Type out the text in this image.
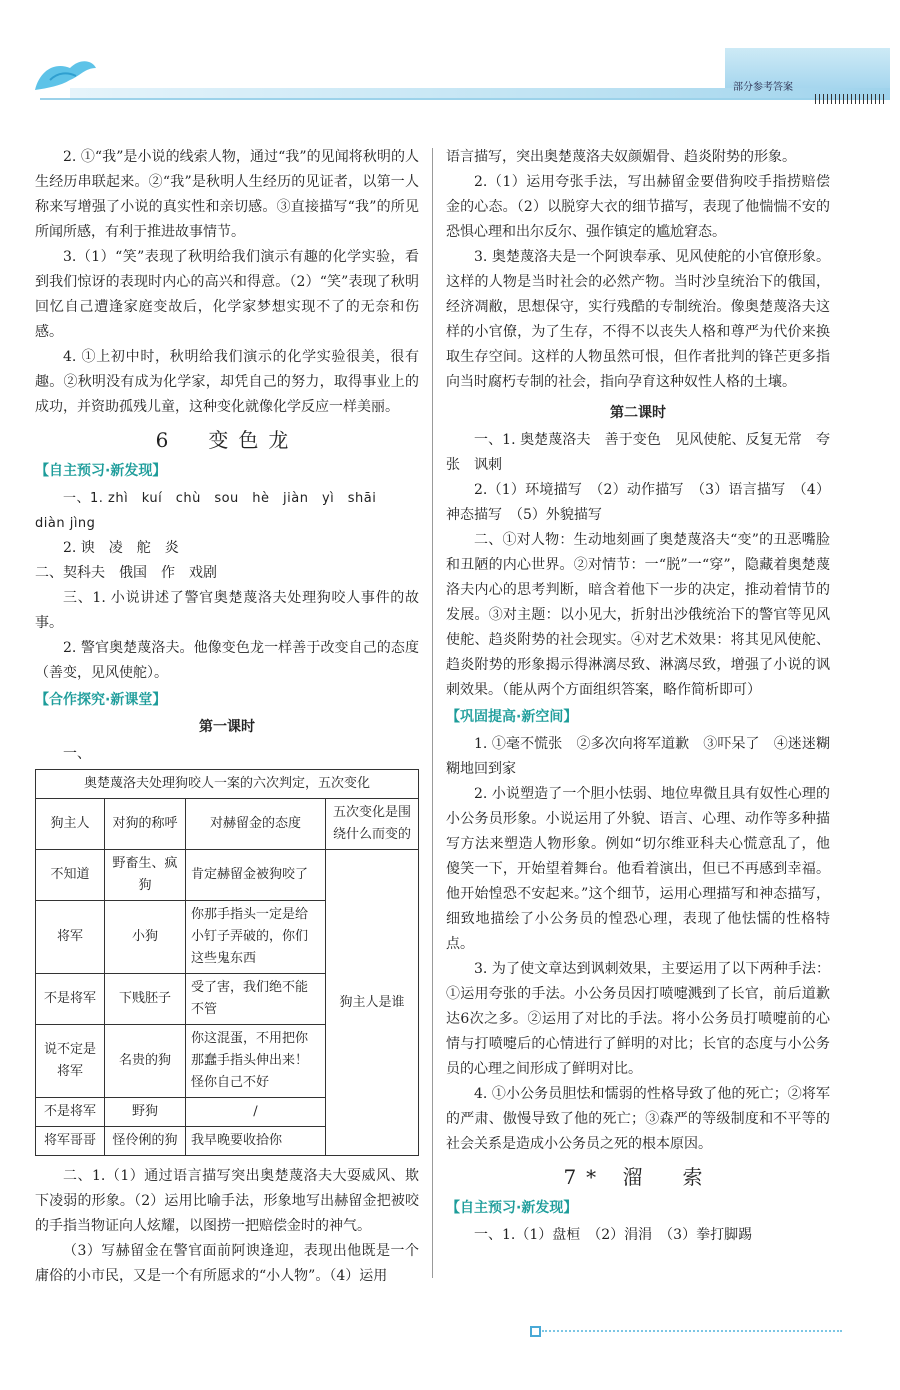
部分参考答案

2. ①“我”是小说的线索人物，通过“我”的见闻将秋明的人生经历串联起来。②“我”是秋明人生经历的见证者，以第一人称来写增强了小说的真实性和亲切感。③直接描写“我”的所见所闻所感，有利于推进故事情节。

3.（1）“笑”表现了秋明给我们演示有趣的化学实验，看到我们惊讶的表现时内心的高兴和得意。（2）“笑”表现了秋明回忆自己遭逢家庭变故后，化学家梦想实现不了的无奈和伤感。

4. ①上初中时，秋明给我们演示的化学实验很美，很有趣。②秋明没有成为化学家，却凭自己的努力，取得事业上的成功，并资助孤残儿童，这种变化就像化学反应一样美丽。

6　变色龙
【自主预习·新发现】

一、1. zhì　kuí　chù　sou　hè　jiàn　yì　shāi　diàn jìng

2. 谀　凌　舵　炎

二、契科夫　俄国　作　戏剧

三、1. 小说讲述了警官奥楚蔑洛夫处理狗咬人事件的故事。

2. 警官奥楚蔑洛夫。他像变色龙一样善于改变自己的态度（善变，见风使舵）。

【合作探究·新课堂】
第一课时

一、

奥楚蔑洛夫处理狗咬人一案的六次判定，五次变化			
狗主人	对狗的称呼	对赫留金的态度	五次变化是围绕什么而变的
不知道	野畜生、疯狗	肯定赫留金被狗咬了	狗主人是谁
将军	小狗	你那手指头一定是给小钉子弄破的，你们这些鬼东西	
不是将军	下贱胚子	受了害，我们绝不能不管	
说不定是将军	名贵的狗	你这混蛋，不用把你那蠢手指头伸出来！怪你自己不好	
不是将军	野狗	/	
将军哥哥	怪伶俐的狗	我早晚要收拾你	

二、1.（1）通过语言描写突出奥楚蔑洛夫大耍威风、欺下凌弱的形象。（2）运用比喻手法，形象地写出赫留金把被咬的手指当物证向人炫耀，以图捞一把赔偿金时的神气。

（3）写赫留金在警官面前阿谀逢迎，表现出他既是一个庸俗的小市民，又是一个有所愿求的“小人物”。（4）运用

语言描写，突出奥楚蔑洛夫奴颜媚骨、趋炎附势的形象。

2.（1）运用夸张手法，写出赫留金要借狗咬手指捞赔偿金的心态。（2）以脱穿大衣的细节描写，表现了他惴惴不安的恐惧心理和出尔反尔、强作镇定的尴尬窘态。

3. 奥楚蔑洛夫是一个阿谀奉承、见风使舵的小官僚形象。这样的人物是当时社会的必然产物。当时沙皇统治下的俄国，经济凋敝，思想保守，实行残酷的专制统治。像奥楚蔑洛夫这样的小官僚，为了生存，不得不以丧失人格和尊严为代价来换取生存空间。这样的人物虽然可恨，但作者批判的锋芒更多指向当时腐朽专制的社会，指向孕育这种奴性人格的土壤。

第二课时

一、1. 奥楚蔑洛夫　善于变色　见风使舵、反复无常　夸张　讽刺

2.（1）环境描写　（2）动作描写　（3）语言描写　（4）神态描写　（5）外貌描写

二、①对人物：生动地刻画了奥楚蔑洛夫“变”的丑恶嘴脸和丑陋的内心世界。②对情节：一“脱”一“穿”，隐藏着奥楚蔑洛夫内心的思考判断，暗含着他下一步的决定，推动着情节的发展。③对主题：以小见大，折射出沙俄统治下的警官等见风使舵、趋炎附势的社会现实。④对艺术效果：将其见风使舵、趋炎附势的形象揭示得淋漓尽致、淋漓尽致，增强了小说的讽刺效果。（能从两个方面组织答案，略作简析即可）

【巩固提高·新空间】

1. ①毫不慌张　②多次向将军道歉　③吓呆了　④迷迷糊糊地回到家

2. 小说塑造了一个胆小怯弱、地位卑微且具有奴性心理的小公务员形象。小说运用了外貌、语言、心理、动作等多种描写方法来塑造人物形象。例如“切尔维亚科夫心慌意乱了，他傻笑一下，开始望着舞台。他看着演出，但已不再感到幸福。他开始惶恐不安起来。”这个细节，运用心理描写和神态描写，细致地描绘了小公务员的惶恐心理，表现了他怯懦的性格特点。

3. 为了使文章达到讽刺效果，主要运用了以下两种手法：①运用夸张的手法。小公务员因打喷嚏溅到了长官，前后道歉达6次之多。②运用了对比的手法。将小公务员打喷嚏前的心情与打喷嚏后的心情进行了鲜明的对比；长官的态度与小公务员的心理之间形成了鲜明对比。

4. ①小公务员胆怯和懦弱的性格导致了他的死亡；②将军的严肃、傲慢导致了他的死亡；③森严的等级制度和不平等的社会关系是造成小公务员之死的根本原因。

7* 溜　索
【自主预习·新发现】

一、1.（1）盘桓　（2）涓涓　（3）拳打脚踢
